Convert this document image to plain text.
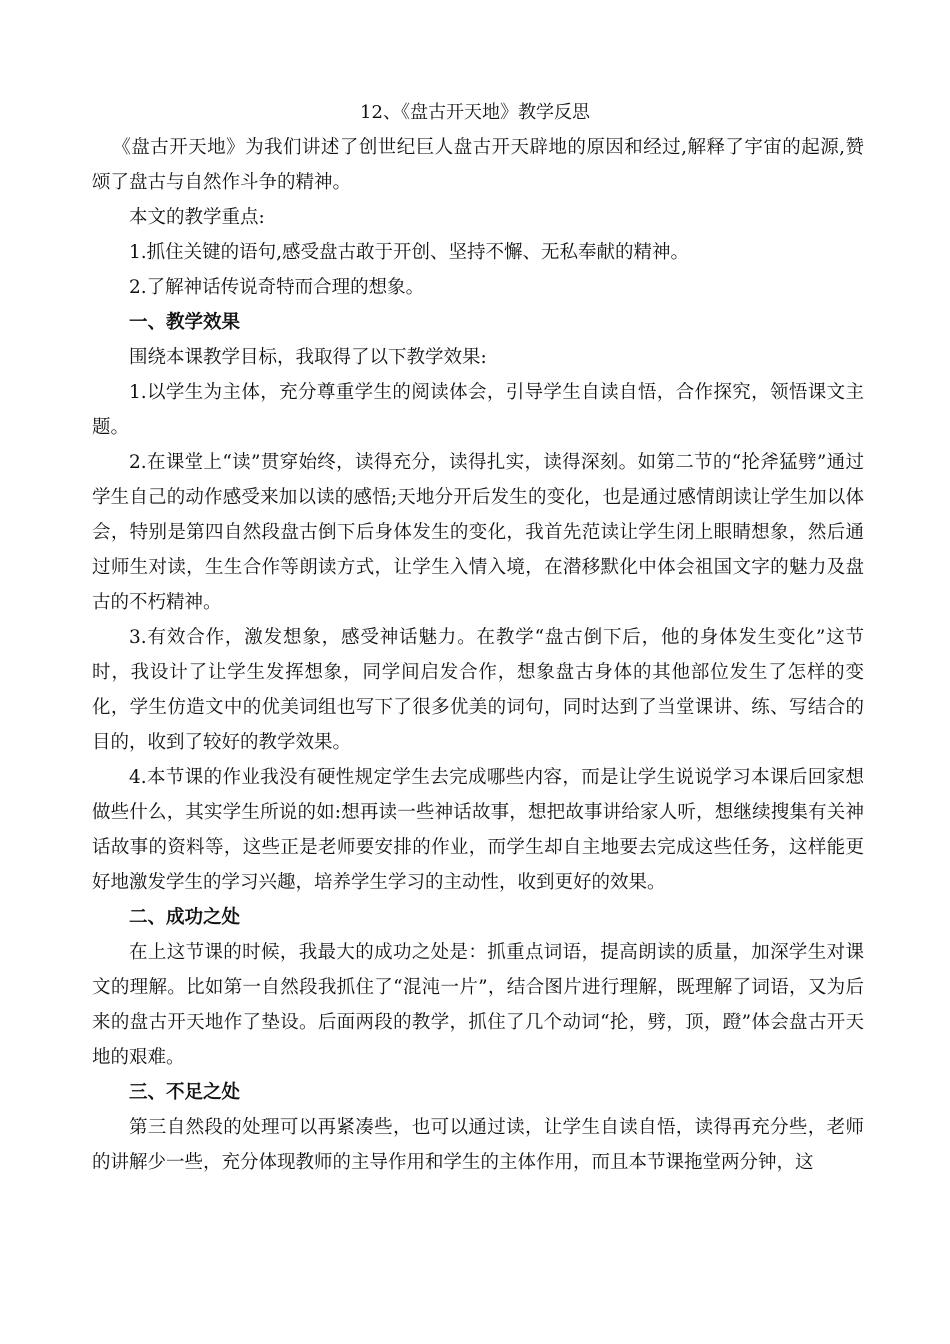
12、《盘古开天地》教学反思

《盘古开天地》为我们讲述了创世纪巨人盘古开天辟地的原因和经过,解释了宇宙的起源,赞颂了盘古与自然作斗争的精神。

本文的教学重点:

1.抓住关键的语句,感受盘古敢于开创、坚持不懈、无私奉献的精神。

2.了解神话传说奇特而合理的想象。

一、教学效果

围绕本课教学目标，我取得了以下教学效果:

1.以学生为主体，充分尊重学生的阅读体会，引导学生自读自悟，合作探究，领悟课文主题。

2.在课堂上“读”贯穿始终，读得充分，读得扎实，读得深刻。如第二节的“抡斧猛劈”通过学生自己的动作感受来加以读的感悟;天地分开后发生的变化，也是通过感情朗读让学生加以体会，特别是第四自然段盘古倒下后身体发生的变化，我首先范读让学生闭上眼睛想象，然后通过师生对读，生生合作等朗读方式，让学生入情入境，在潜移默化中体会祖国文字的魅力及盘古的不朽精神。

3.有效合作，激发想象，感受神话魅力。在教学“盘古倒下后，他的身体发生变化”这节时，我设计了让学生发挥想象，同学间启发合作，想象盘古身体的其他部位发生了怎样的变化，学生仿造文中的优美词组也写下了很多优美的词句，同时达到了当堂课讲、练、写结合的目的，收到了较好的教学效果。

4.本节课的作业我没有硬性规定学生去完成哪些内容，而是让学生说说学习本课后回家想做些什么，其实学生所说的如:想再读一些神话故事，想把故事讲给家人听，想继续搜集有关神话故事的资料等，这些正是老师要安排的作业，而学生却自主地要去完成这些任务，这样能更好地激发学生的学习兴趣，培养学生学习的主动性，收到更好的效果。

二、成功之处

在上这节课的时候，我最大的成功之处是：抓重点词语，提高朗读的质量，加深学生对课文的理解。比如第一自然段我抓住了“混沌一片”，结合图片进行理解，既理解了词语，又为后来的盘古开天地作了垫设。后面两段的教学，抓住了几个动词“抡，劈，顶，蹬”体会盘古开天地的艰难。

三、不足之处

第三自然段的处理可以再紧凑些，也可以通过读，让学生自读自悟，读得再充分些，老师的讲解少一些，充分体现教师的主导作用和学生的主体作用，而且本节课拖堂两分钟，这
